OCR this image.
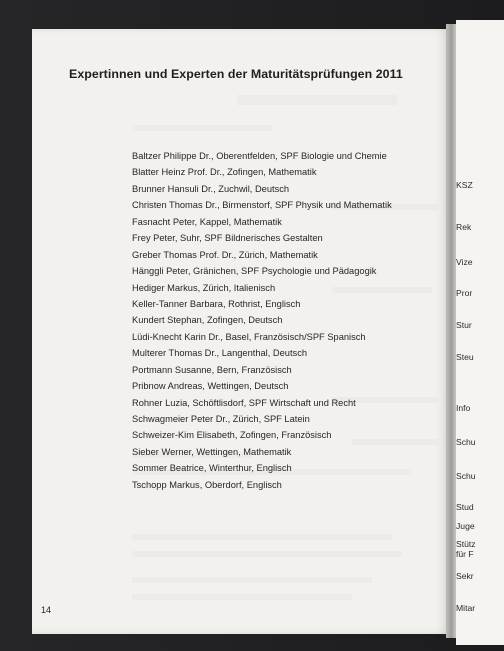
Expertinnen und Experten der Maturitätsprüfungen 2011
Baltzer Philippe Dr., Oberentfelden, SPF Biologie und Chemie
Blatter Heinz Prof. Dr., Zofingen, Mathematik
Brunner Hansuli Dr., Zuchwil, Deutsch
Christen Thomas Dr., Birmenstorf, SPF Physik und Mathematik
Fasnacht Peter, Kappel, Mathematik
Frey Peter, Suhr, SPF Bildnerisches Gestalten
Greber Thomas Prof. Dr., Zürich, Mathematik
Hänggli Peter, Gränichen, SPF Psychologie und Pädagogik
Hediger Markus, Zürich, Italienisch
Keller-Tanner Barbara, Rothrist, Englisch
Kundert Stephan, Zofingen, Deutsch
Lüdi-Knecht Karin Dr., Basel, Französisch/SPF Spanisch
Multerer Thomas Dr., Langenthal, Deutsch
Portmann Susanne, Bern, Französisch
Pribnow Andreas, Wettingen, Deutsch
Rohner Luzia, Schöftlisdorf, SPF Wirtschaft und Recht
Schwagmeier Peter Dr., Zürich, SPF Latein
Schweizer-Kim Elisabeth, Zofingen, Französisch
Sieber Werner, Wettingen, Mathematik
Sommer Beatrice, Winterthur, Englisch
Tschopp Markus, Oberdorf, Englisch
14
KSZ
Rek
Vize
Pror
Stur
Steu
Info
Schu
Schu
Stud
Juge
Stütz
für F
Sekr
Mitar
